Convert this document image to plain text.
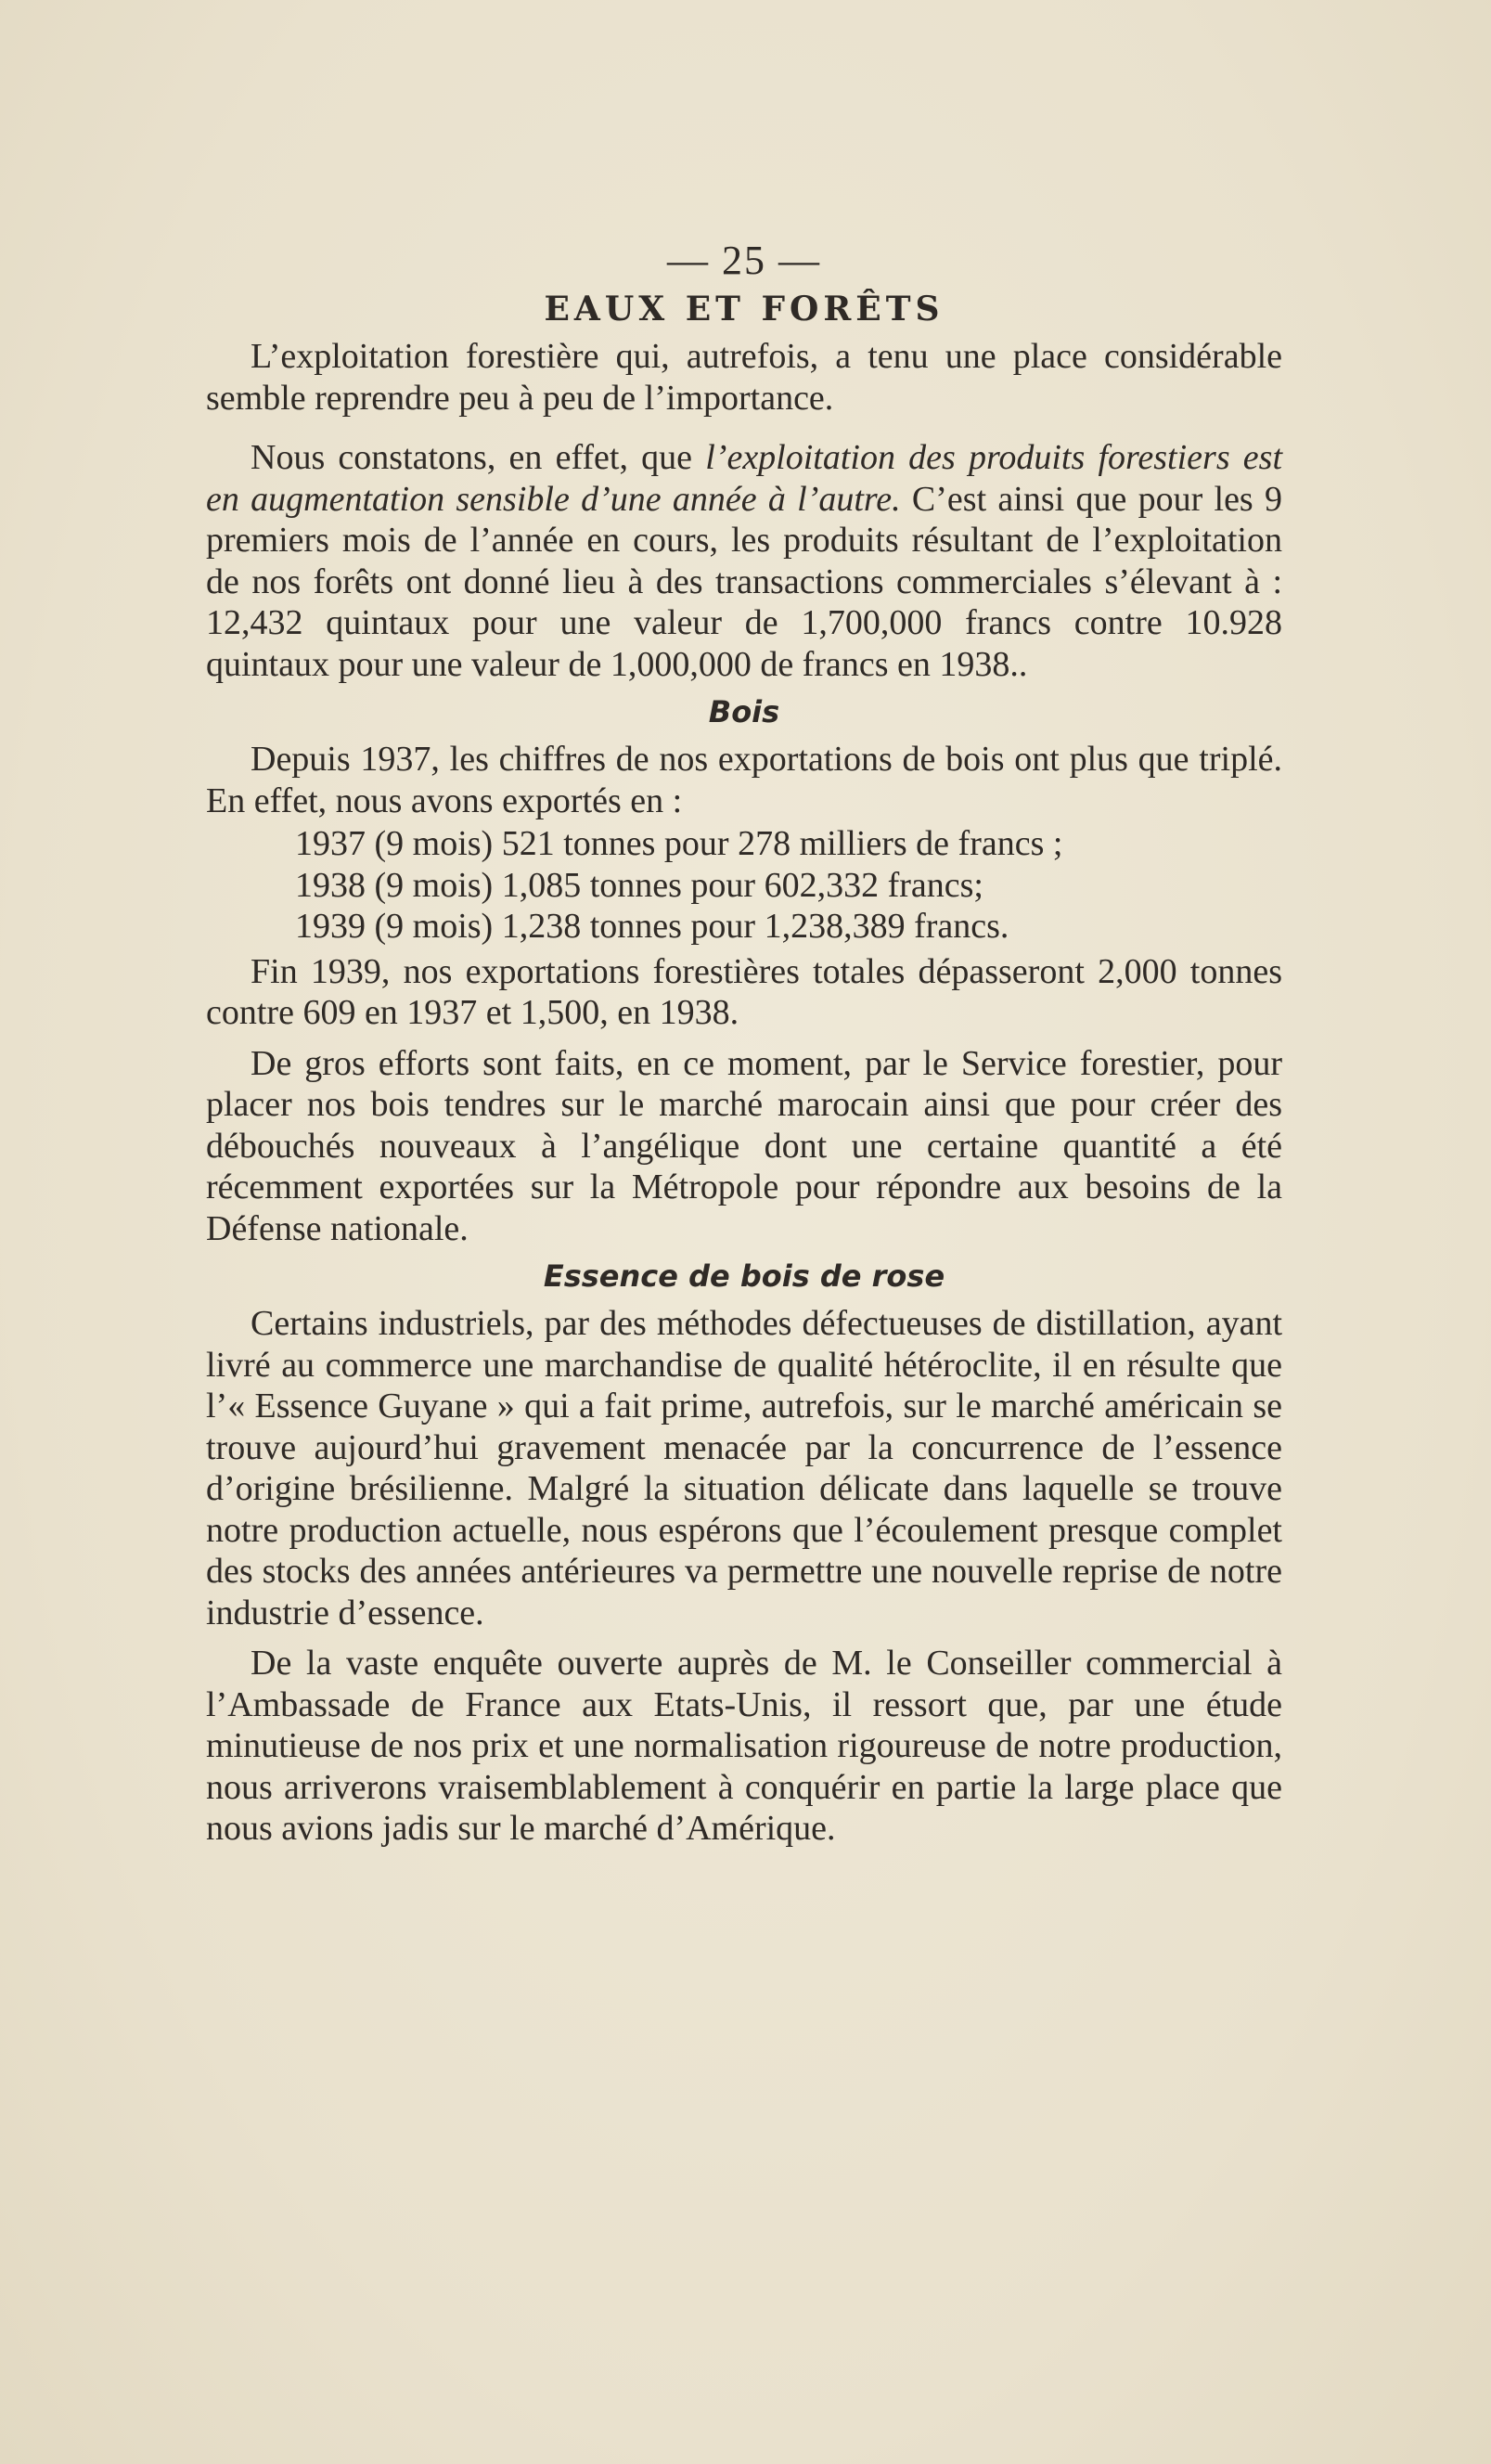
— 25 —
EAUX ET FORÊTS

L’exploitation forestière qui, autrefois, a tenu une place considérable semble reprendre peu à peu de l’importance.

Nous constatons, en effet, que l’exploitation des produits forestiers est en augmentation sensible d’une année à l’autre. C’est ainsi que pour les 9 premiers mois de l’année en cours, les produits résultant de l’exploitation de nos forêts ont donné lieu à des transactions commerciales s’élevant à : 12,432 quintaux pour une valeur de 1,700,000 francs contre 10.928 quintaux pour une valeur de 1,000,000 de francs en 1938..

Bois

Depuis 1937, les chiffres de nos exportations de bois ont plus que triplé. En effet, nous avons exportés en :

1937 (9 mois) 521 tonnes pour 278 milliers de francs ;
1938 (9 mois) 1,085 tonnes pour 602,332 francs;
1939 (9 mois) 1,238 tonnes pour 1,238,389 francs.

Fin 1939, nos exportations forestières totales dépasseront 2,000 tonnes contre 609 en 1937 et 1,500, en 1938.

De gros efforts sont faits, en ce moment, par le Service forestier, pour placer nos bois tendres sur le marché marocain ainsi que pour créer des débouchés nouveaux à l’angélique dont une certaine quantité a été récemment exportées sur la Métropole pour répondre aux besoins de la Défense nationale.

Essence de bois de rose

Certains industriels, par des méthodes défectueuses de distillation, ayant livré au commerce une marchandise de qualité hétéroclite, il en résulte que l’« Essence Guyane » qui a fait prime, autrefois, sur le marché américain se trouve aujourd’hui gravement menacée par la concurrence de l’essence d’origine brésilienne. Malgré la situation délicate dans laquelle se trouve notre production actuelle, nous espérons que l’écoulement presque complet des stocks des années antérieures va permettre une nouvelle reprise de notre industrie d’essence.

De la vaste enquête ouverte auprès de M. le Conseiller commercial à l’Ambassade de France aux Etats-Unis, il ressort que, par une étude minutieuse de nos prix et une normalisation rigoureuse de notre production, nous arriverons vraisemblablement à conquérir en partie la large place que nous avions jadis sur le marché d’Amérique.
